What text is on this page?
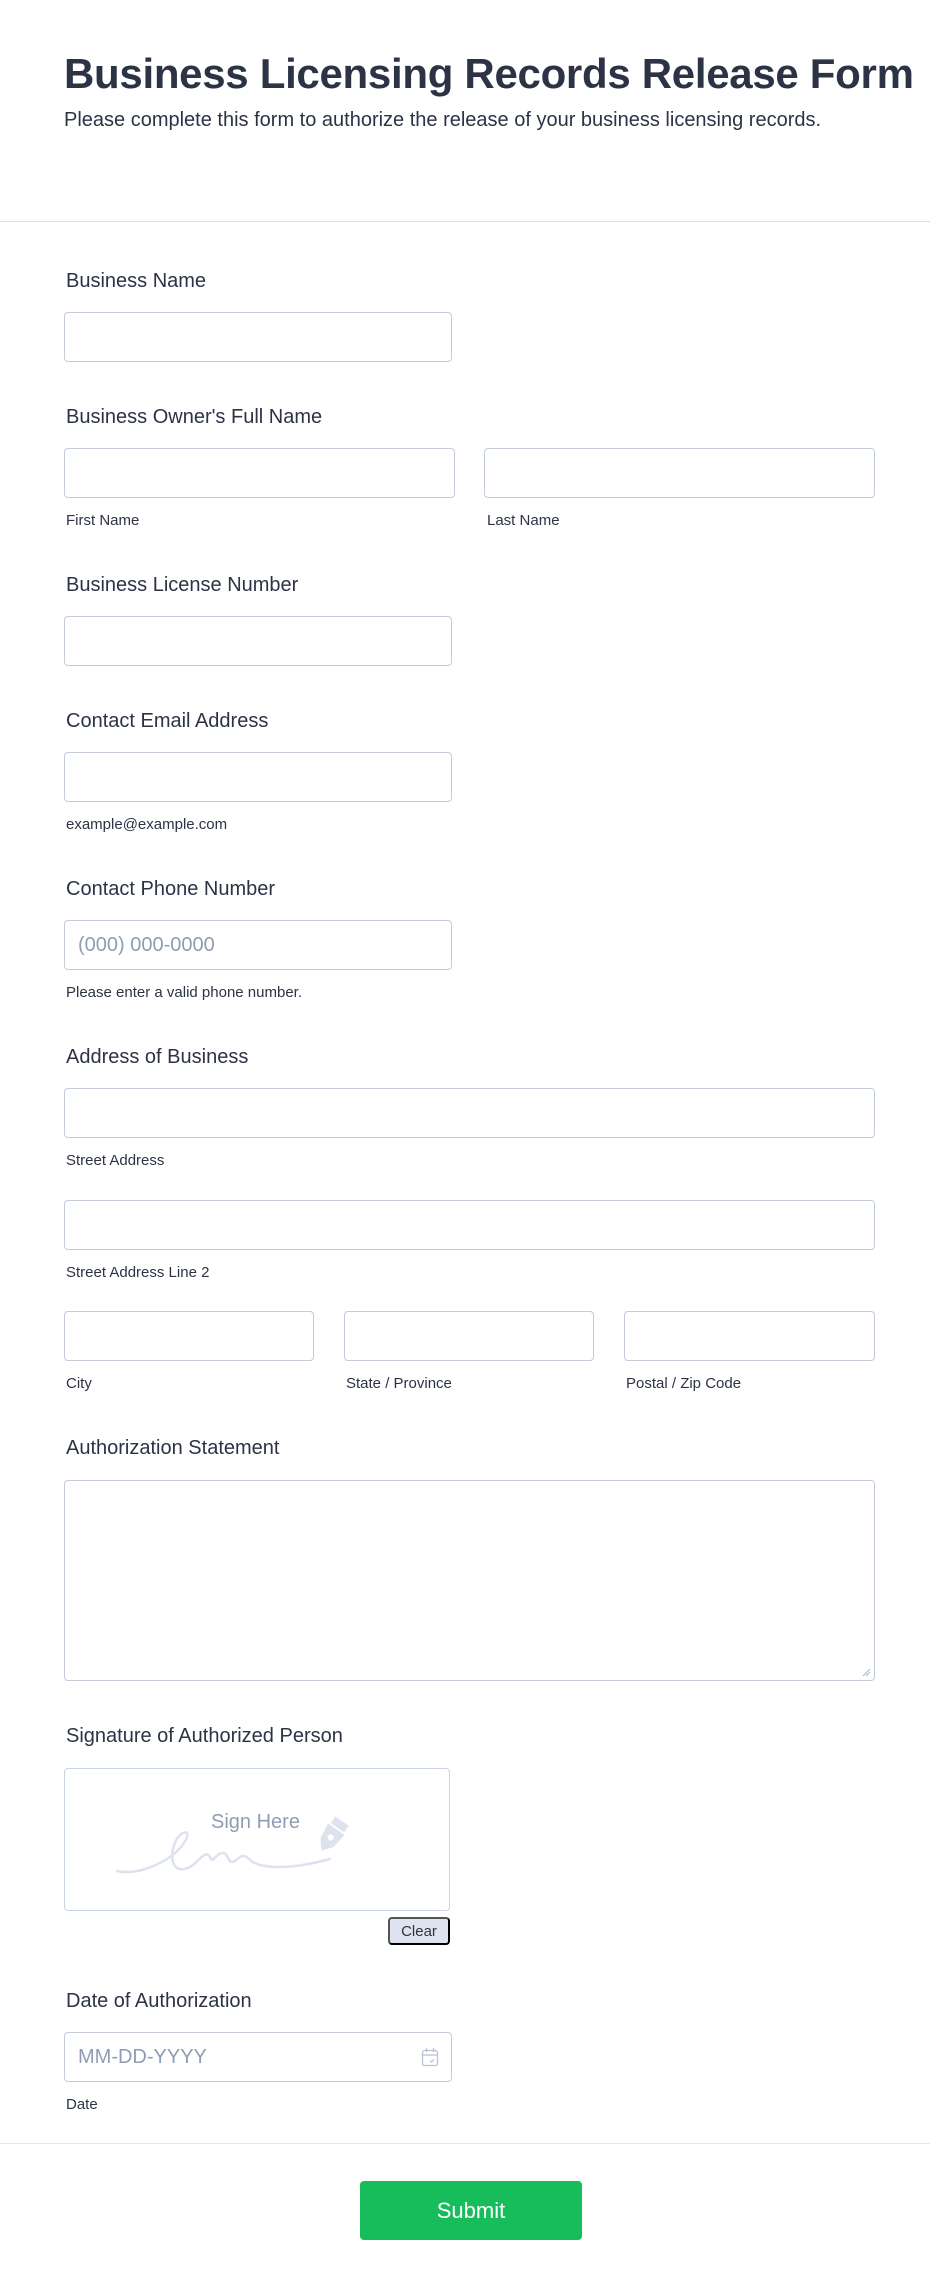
Business Licensing Records Release Form

Please complete this form to authorize the release of your business licensing records.

Business Name
Business Owner's Full Name
First Name	Last Name
Business License Number
Contact Email Address
example@example.com
Contact Phone Number
(000) 000-0000
Please enter a valid phone number.
Address of Business
Street Address
Street Address Line 2
City	State / Province	Postal / Zip Code
Authorization Statement
Signature of Authorized Person
Sign Here
Clear
Date of Authorization
MM-DD-YYYY
Date
Submit
